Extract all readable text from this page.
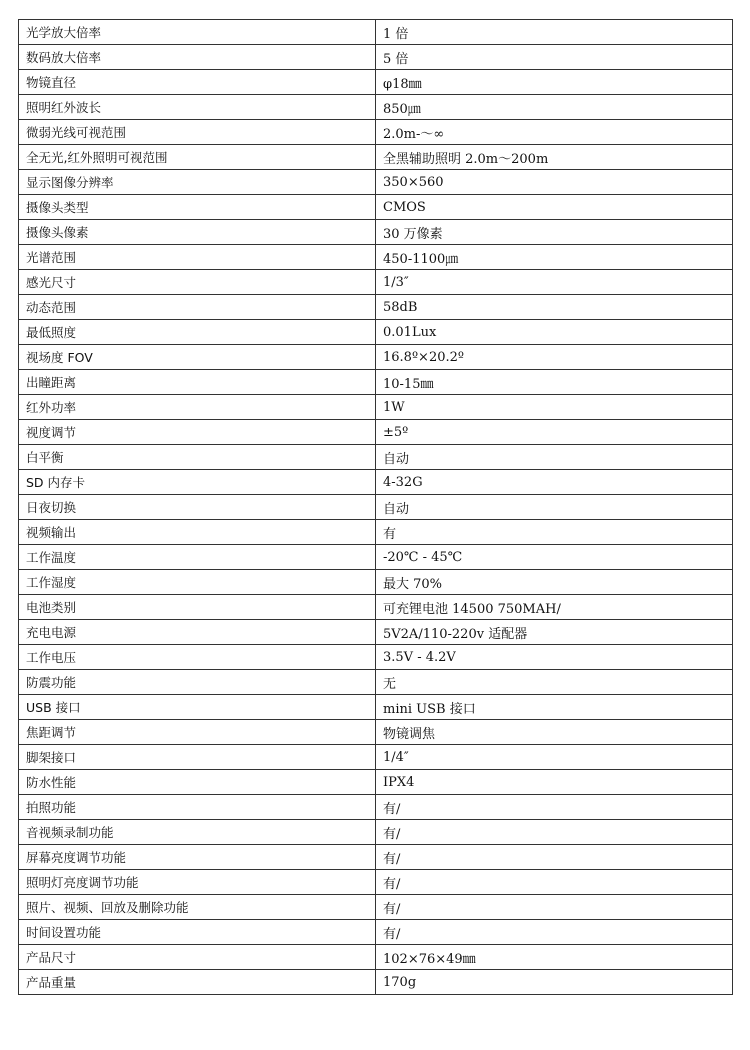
光学放大倍率	1 倍
数码放大倍率	5 倍
物镜直径	φ18㎜
照明红外波长	850㎛
微弱光线可视范围	2.0m-～∞
全无光,红外照明可视范围	全黑辅助照明 2.0m～200m
显示图像分辨率	350×560
摄像头类型	CMOS
摄像头像素	30 万像素
光谱范围	450-1100㎛
感光尺寸	1/3″
动态范围	58dB
最低照度	0.01Lux
视场度 FOV	16.8º×20.2º
出瞳距离	10-15㎜
红外功率	1W
视度调节	±5º
白平衡	自动
SD 内存卡	4-32G
日夜切换	自动
视频输出	有
工作温度	-20℃ - 45℃
工作湿度	最大 70%
电池类别	可充锂电池 14500 750MAH/
充电电源	5V2A/110-220v 适配器
工作电压	3.5V - 4.2V
防震功能	无
USB 接口	mini USB 接口
焦距调节	物镜调焦
脚架接口	1/4″
防水性能	IPX4
拍照功能	有/
音视频录制功能	有/
屏幕亮度调节功能	有/
照明灯亮度调节功能	有/
照片、视频、回放及删除功能	有/
时间设置功能	有/
产品尺寸	102×76×49㎜
产品重量	170g
